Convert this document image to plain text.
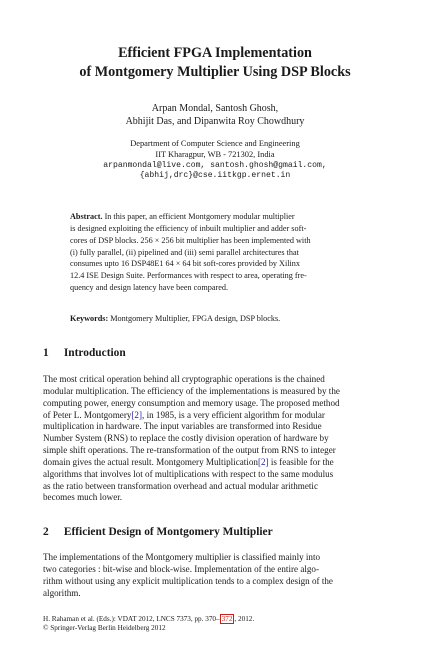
Efficient FPGA Implementation
of Montgomery Multiplier Using DSP Blocks
Arpan Mondal, Santosh Ghosh,
Abhijit Das, and Dipanwita Roy Chowdhury
Department of Computer Science and Engineering
IIT Kharagpur, WB - 721302, India
arpanmondal@live.com, santosh.ghosh@gmail.com,
{abhij,drc}@cse.iitkgp.ernet.in
Abstract. In this paper, an efficient Montgomery modular multiplier
is designed exploiting the efficiency of inbuilt multiplier and adder soft-
cores of DSP blocks. 256 × 256 bit multiplier has been implemented with
(i) fully parallel, (ii) pipelined and (iii) semi parallel architectures that
consumes upto 16 DSP48E1 64 × 64 bit soft-cores provided by Xilinx
12.4 ISE Design Suite. Performances with respect to area, operating fre-
quency and design latency have been compared.
Keywords: Montgomery Multiplier, FPGA design, DSP blocks.
1 Introduction
The most critical operation behind all cryptographic operations is the chained
modular multiplication. The efficiency of the implementations is measured by the
computing power, energy consumption and memory usage. The proposed method
of Peter L. Montgomery[2], in 1985, is a very efficient algorithm for modular
multiplication in hardware. The input variables are transformed into Residue
Number System (RNS) to replace the costly division operation of hardware by
simple shift operations. The re-transformation of the output from RNS to integer
domain gives the actual result. Montgomery Multiplication[2] is feasible for the
algorithms that involves lot of multiplications with respect to the same modulus
as the ratio between transformation overhead and actual modular arithmetic
becomes much lower.
2 Efficient Design of Montgomery Multiplier
The implementations of the Montgomery multiplier is classified mainly into
two categories : bit-wise and block-wise. Implementation of the entire algo-
rithm without using any explicit multiplication tends to a complex design of the
algorithm.
H. Rahaman et al. (Eds.): VDAT 2012, LNCS 7373, pp. 370– 372 , 2012.
© Springer-Verlag Berlin Heidelberg 2012
